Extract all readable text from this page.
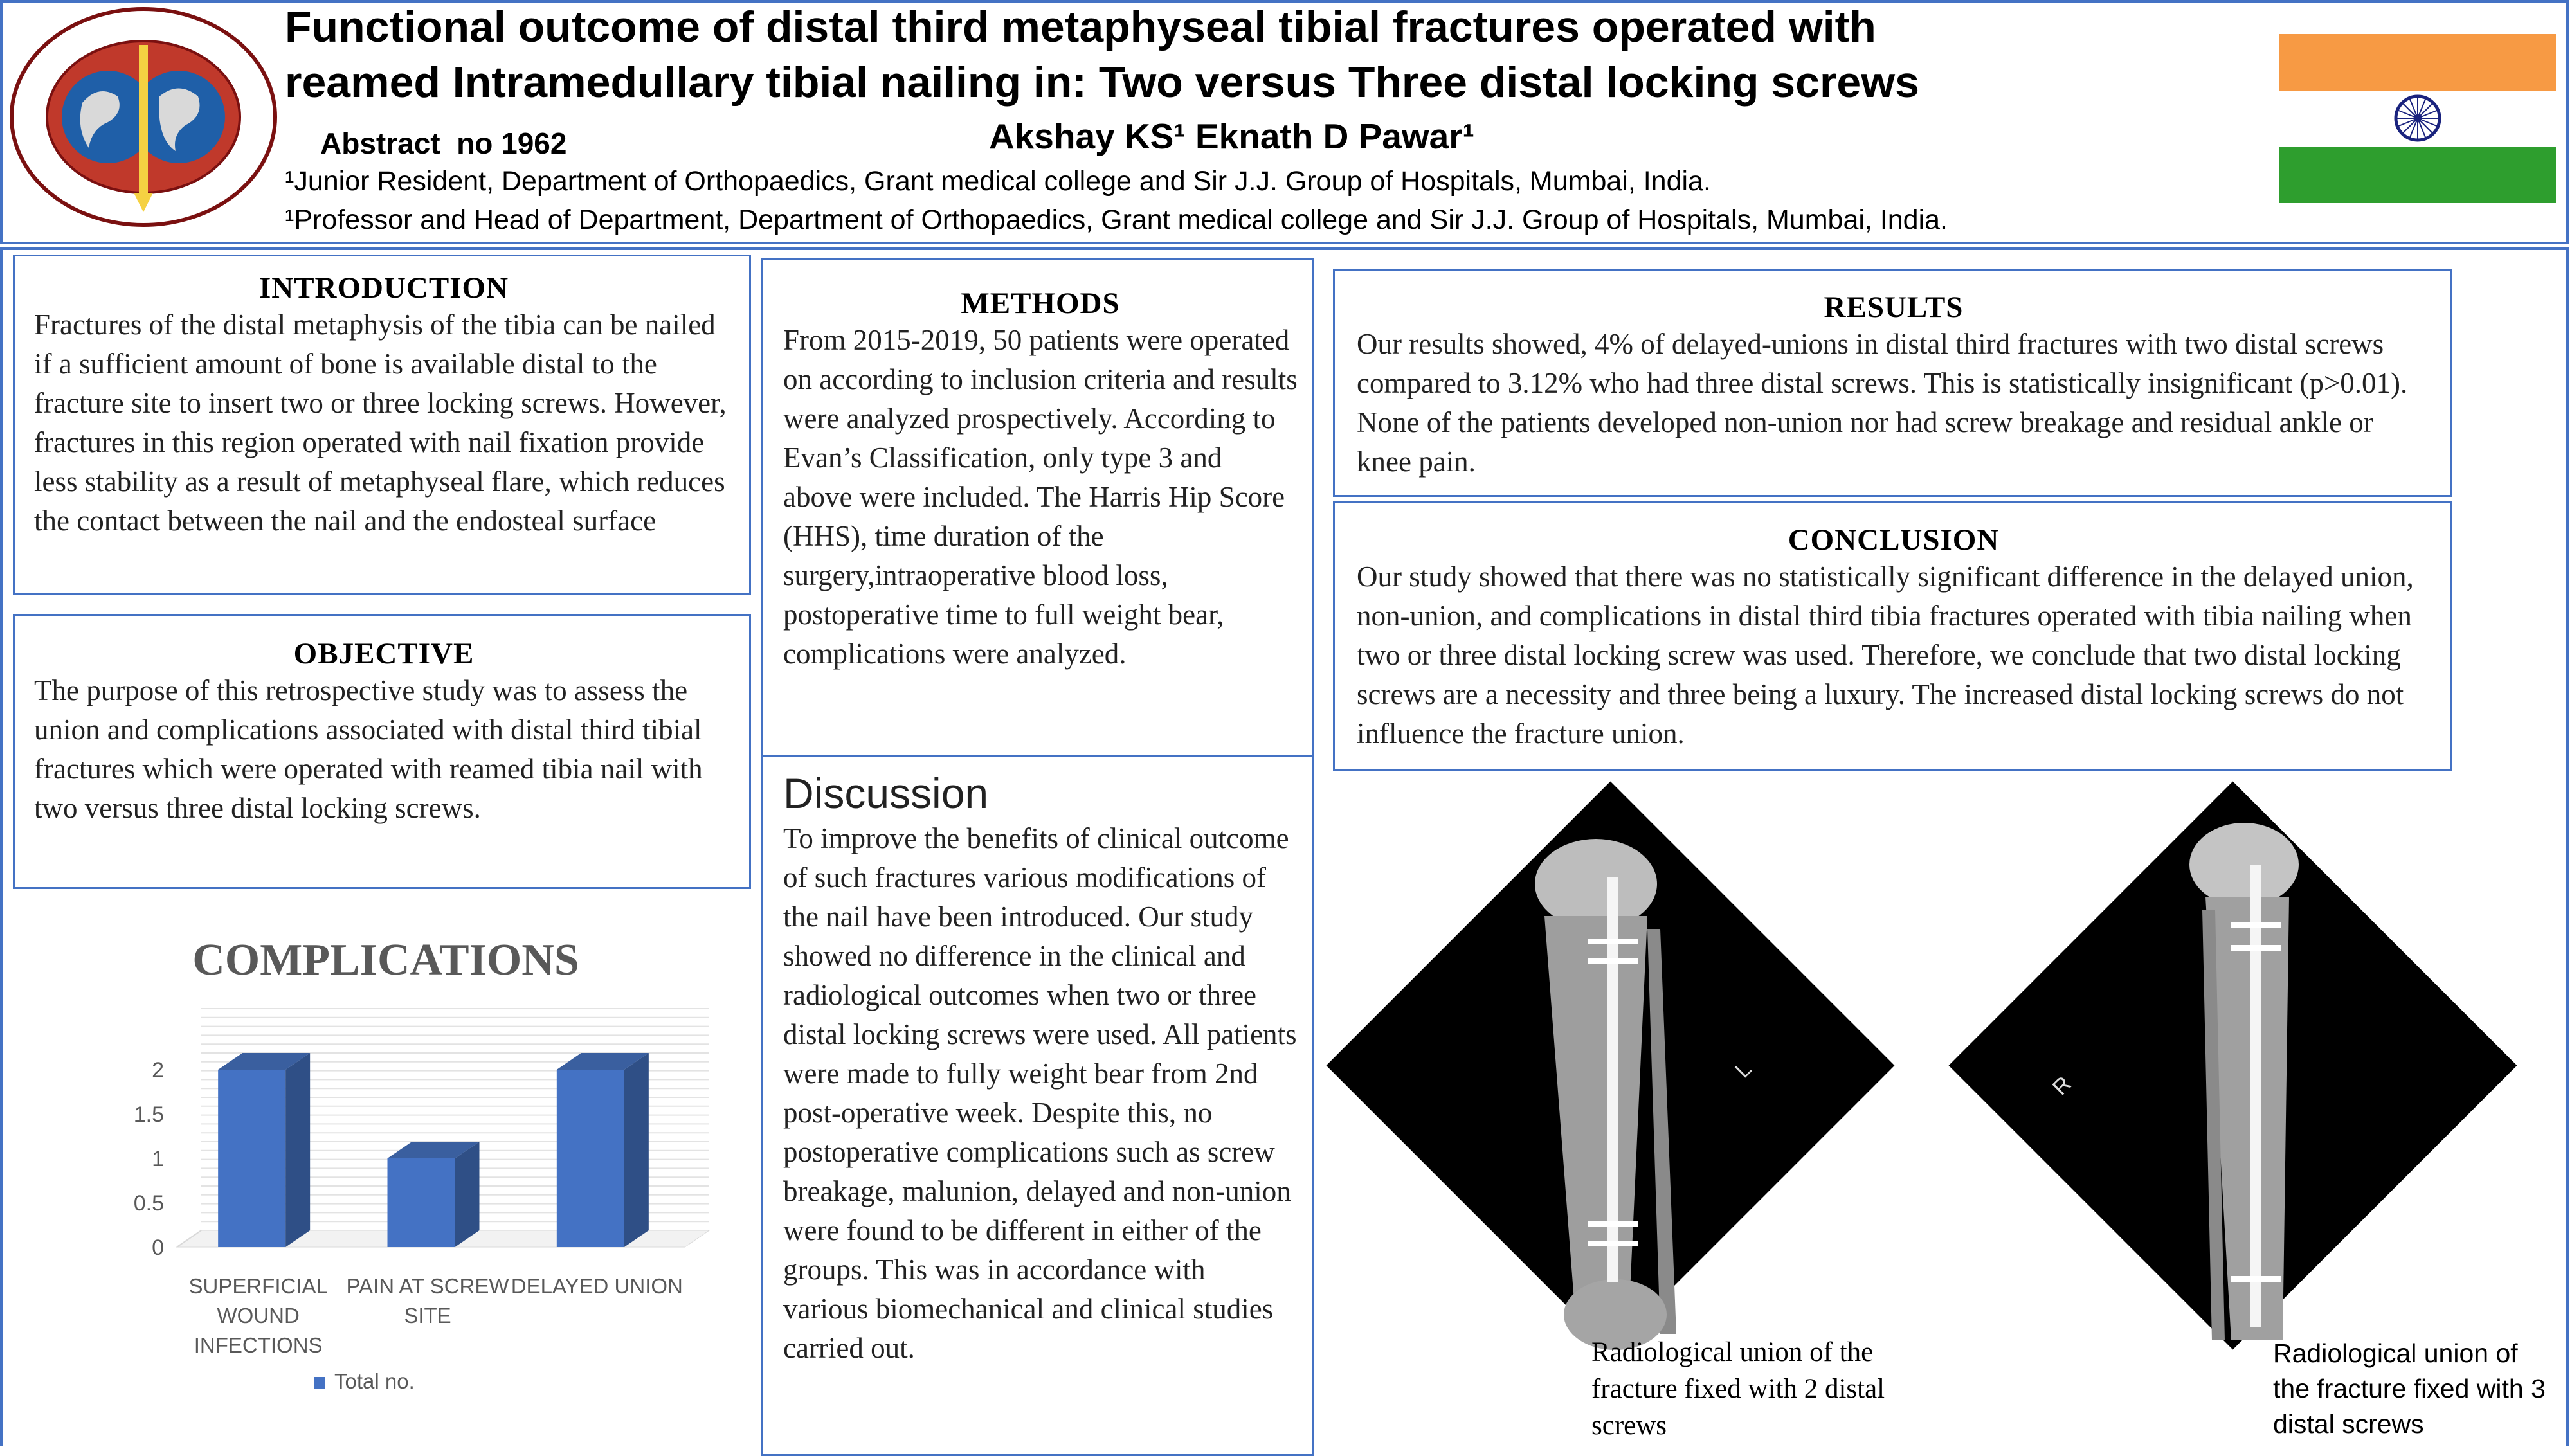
Functional outcome of distal third metaphyseal tibial fractures operated with
reamed Intramedullary tibial nailing in: Two versus Three distal locking screws
Abstract  no 1962	Akshay KS¹ Eknath D Pawar¹
¹Junior Resident, Department of Orthopaedics, Grant medical college and Sir J.J. Group of Hospitals, Mumbai, India.
¹Professor and Head of Department, Department of Orthopaedics, Grant medical college and Sir J.J. Group of Hospitals, Mumbai, India.
INTRODUCTION
Fractures of the distal metaphysis of the tibia can be nailed if a sufficient amount of bone is available distal to the fracture site to insert two or three locking screws. However, fractures in this region operated with nail fixation provide less stability as a result of metaphyseal flare, which reduces the contact between the nail and the endosteal surface
OBJECTIVE
The purpose of this retrospective study was to assess the union and complications associated with distal third tibial fractures which were operated with reamed tibia nail with two versus three distal locking screws.
COMPLICATIONS
0
0.5
1
1.5
2
SUPERFICIAL
WOUND
INFECTIONS
PAIN AT SCREW
SITE
DELAYED UNION
Total no.
METHODS
From 2015-2019, 50 patients were operated on according to inclusion criteria and results were analyzed prospectively. According to Evan’s Classification, only type 3 and above were included. The Harris Hip Score (HHS), time duration of the surgery,intraoperative blood loss, postoperative time to full weight bear, complications were analyzed.
Discussion
To improve the benefits of clinical outcome of such fractures various modifications of the nail have been introduced. Our study showed no difference in the clinical and radiological outcomes when two or three distal locking screws were used. All patients were made to fully weight bear from 2nd post-operative week. Despite this, no postoperative complications such as screw breakage, malunion, delayed and non-union were found to be different in either of the groups. This was in accordance with various biomechanical and clinical studies carried out.
RESULTS
Our results showed, 4% of delayed-unions in distal third fractures with two distal screws compared to 3.12% who had three distal screws. This is statistically insignificant (p>0.01). None of the patients developed non-union nor had screw breakage and residual ankle or knee pain.
CONCLUSION
Our study showed that there was no statistically significant difference in the delayed union, non-union, and complications in distal third tibia fractures operated with tibia nailing when two or three distal locking screw was used. Therefore, we conclude that two distal locking screws are a necessity and three being a luxury. The increased distal locking screws do not influence the fracture union.
L
Radiological union of the fracture fixed with 2 distal screws
R
Radiological union of the fracture fixed with 3 distal screws
